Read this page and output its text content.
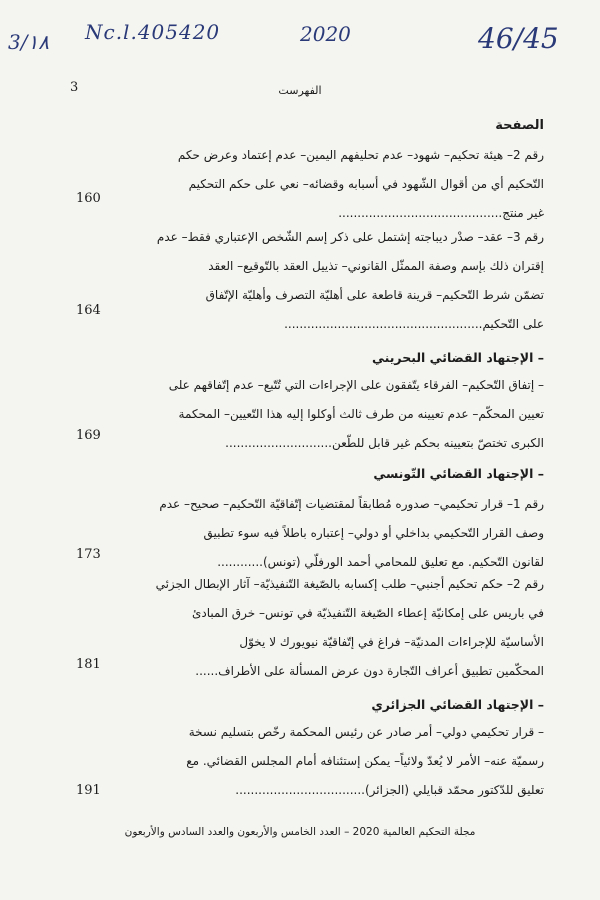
3/١٨ Nc.l.405420	2020	46/45
3	الفهرست
الصفحة
رقم 2– هيئة تحكيم– شهود– عدم تحليفهم اليمين– عدم إعتماد وعرض حكم
التّحكيم أي من أقوال الشّهود في أسبابه وقضائه– نعي على حكم التحكيم
غير منتج...........................................
160
رقم 3– عقد– صدْر ديباجته إشتمل على ذكر إسم الشّخص الإعتباري فقط– عدم
إقتران ذلك بإسم وصفة الممثّل القانوني– تذييل العقد بالتّوقيع– العقد
تضمّن شرط التّحكيم– قرينة قاطعة على أهليّة التصرف وأهليّة الإتّفاق
على التّحكيم....................................................
164
– الإجتهاد القضائي البحريني
– إتفاق التّحكيم– الفرقاء يتّفقون على الإجراءات التي تُتّبع– عدم إتّفاقهم على
تعيين المحكّم– عدم تعيينه من طرف ثالث أوكلوا إليه هذا التّعيين– المحكمة
الكبرى تختصّ بتعيينه بحكم غير قابل للطّعن............................
169
– الإجتهاد القضائي التّونسي
رقم 1– قرار تحكيمي– صدوره مُطابقاً لمقتضيات إتّفاقيّة التّحكيم– صحيح– عدم
وصف القرار التّحكيمي بداخلي أو دولي– إعتباره باطلاً فيه سوء تطبيق
لقانون التّحكيم. مع تعليق للمحامي أحمد الورفلّي (تونس)............
173
رقم 2– حكم تحكيم أجنبي– طلب إكسابه بالصّيغة التّنفيذيّة– آثار الإبطال الجزئي
في باريس على إمكانيّة إعطاء الصّيغة التّنفيذيّة في تونس– خرق المبادئ
الأساسيّة للإجراءات المدنيّة– فراغ في إتّفاقيّة نيويورك لا يخوّل
المحكّمين تطبيق أعراف التّجارة دون عرض المسألة على الأطراف......
181
– الإجتهاد القضائي الجزائري
– قرار تحكيمي دولي– أمر صادر عن رئيس المحكمة رخّص بتسليم نسخة
رسميّة عنه– الأمر لا يُعدّ ولائياً– يمكن إستئنافه أمام المجلس القضائي. مع
تعليق للدّكتور محمّد قبايلي (الجزائر)..................................
191
مجلة التحكيم العالمية 2020 – العدد الخامس والأربعون والعدد السادس والأربعون
